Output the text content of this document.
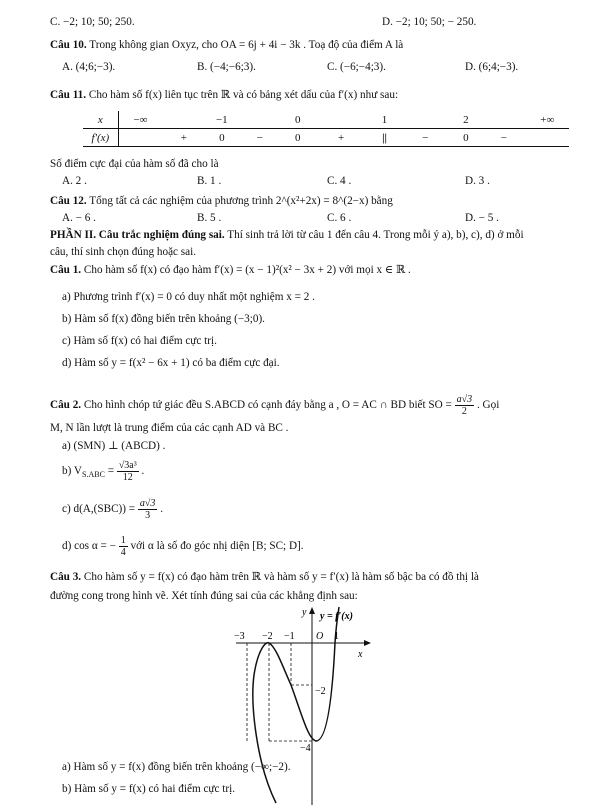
C. −2; 10; 50; 250.	D. −2; 10; 50; − 250.
Câu 10. Trong không gian Oxyz, cho OA = 6j + 4i − 3k . Toạ độ của điểm A là
A. (4;6;−3).	B. (−4;−6;3).	C. (−6;−4;3).	D. (6;4;−3).
Câu 11. Cho hàm số f(x) liên tục trên ℝ và có bảng xét dấu của f′(x) như sau:
x	−∞		−1		0		1		2		+∞
f′(x)		+	0	−	0	+	||	−	0	−	
Số điểm cực đại của hàm số đã cho là
A. 2 .	B. 1 .	C. 4 .	D. 3 .
Câu 12. Tổng tất cả các nghiệm của phương trình 2^(x²+2x) = 8^(2−x) bằng
A. − 6 .	B. 5 .	C. 6 .	D. − 5 .
PHẦN II. Câu trắc nghiệm đúng sai. Thí sinh trả lời từ câu 1 đến câu 4. Trong mỗi ý a), b), c), d) ở mỗi
câu, thí sinh chọn đúng hoặc sai.
Câu 1. Cho hàm số f(x) có đạo hàm f′(x) = (x − 1)²(x² − 3x + 2) với mọi x ∈ ℝ .
a) Phương trình f′(x) = 0 có duy nhất một nghiệm x = 2 .
b) Hàm số f(x) đồng biến trên khoảng (−3;0).
c) Hàm số f(x) có hai điểm cực trị.
d) Hàm số y = f(x² − 6x + 1) có ba điểm cực đại.
Câu 2. Cho hình chóp tứ giác đều S.ABCD có cạnh đáy bằng a , O = AC ∩ BD biết SO = $\frac{a√3}{2}$ . Gọi
M, N lần lượt là trung điểm của các cạnh AD và BC .
a) (SMN) ⊥ (ABCD) .
b) $V_{S.ABC} = \frac{\text{√3a³}}{12}$ .
c) $d(A,(SBC)) = \frac{a√3}{3}$ .
d) cos α = − $\frac{1}{4}$ với α là số đo góc nhị diện [B; SC; D].
Câu 3. Cho hàm số y = f(x) có đạo hàm trên ℝ và hàm số y = f′(x) là hàm số bậc ba có đồ thị là
đường cong trong hình vẽ. Xét tính đúng sai của các khẳng định sau:
y y = f′(x)
x
O
−3 −2 −1	1
−2
−4
a) Hàm số y = f(x) đồng biến trên khoảng (−∞;−2).
b) Hàm số y = f(x) có hai điểm cực trị.
